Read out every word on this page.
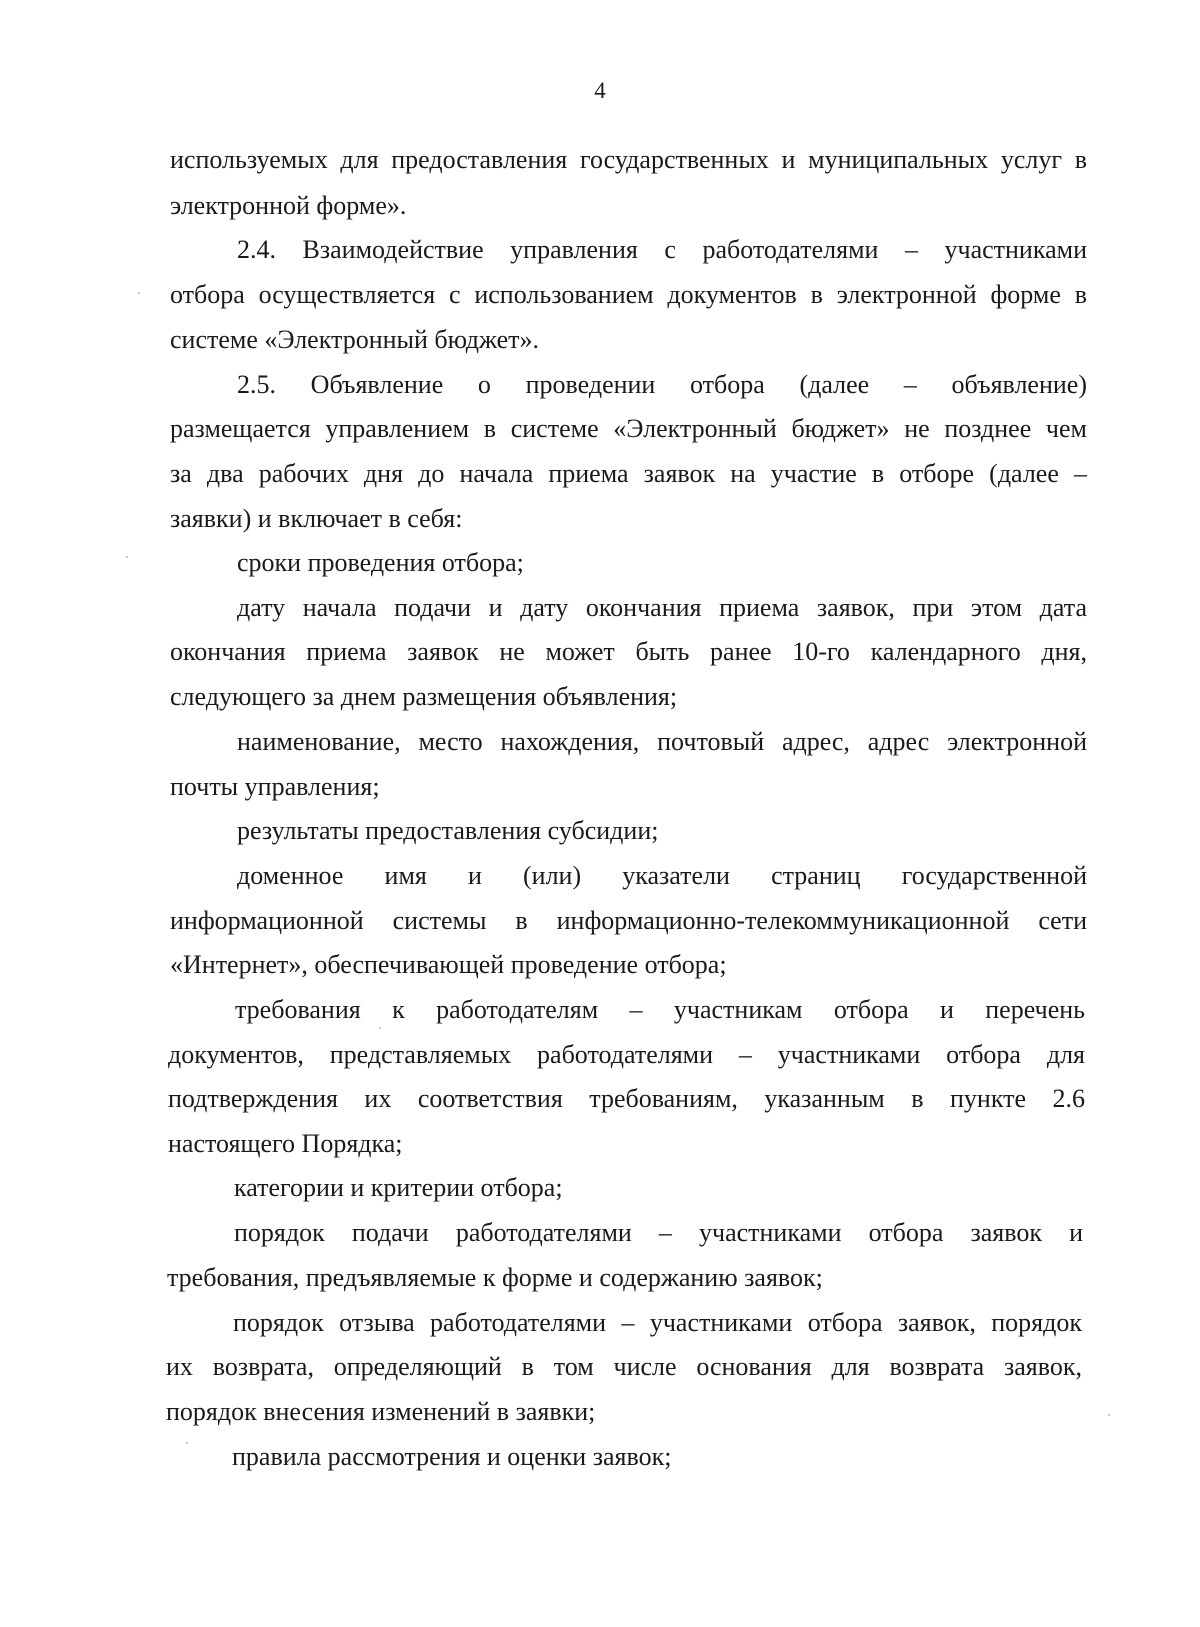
4
используемых для предоставления государственных и муниципальных услуг в
электронной форме».
2.4. Взаимодействие управления с работодателями – участниками
отбора осуществляется с использованием документов в электронной форме в
системе «Электронный бюджет».
2.5. Объявление о проведении отбора (далее – объявление)
размещается управлением в системе «Электронный бюджет» не позднее чем
за два рабочих дня до начала приема заявок на участие в отборе (далее –
заявки) и включает в себя:
сроки проведения отбора;
дату начала подачи и дату окончания приема заявок, при этом дата
окончания приема заявок не может быть ранее 10-го календарного дня,
следующего за днем размещения объявления;
наименование, место нахождения, почтовый адрес, адрес электронной
почты управления;
результаты предоставления субсидии;
доменное имя и (или) указатели страниц государственной
информационной системы в информационно-телекоммуникационной сети
«Интернет», обеспечивающей проведение отбора;
требования к работодателям – участникам отбора и перечень
документов, представляемых работодателями – участниками отбора для
подтверждения их соответствия требованиям, указанным в пункте 2.6
настоящего Порядка;
категории и критерии отбора;
порядок подачи работодателями – участниками отбора заявок и
требования, предъявляемые к форме и содержанию заявок;
порядок отзыва работодателями – участниками отбора заявок, порядок
их возврата, определяющий в том числе основания для возврата заявок,
порядок внесения изменений в заявки;
правила рассмотрения и оценки заявок;
